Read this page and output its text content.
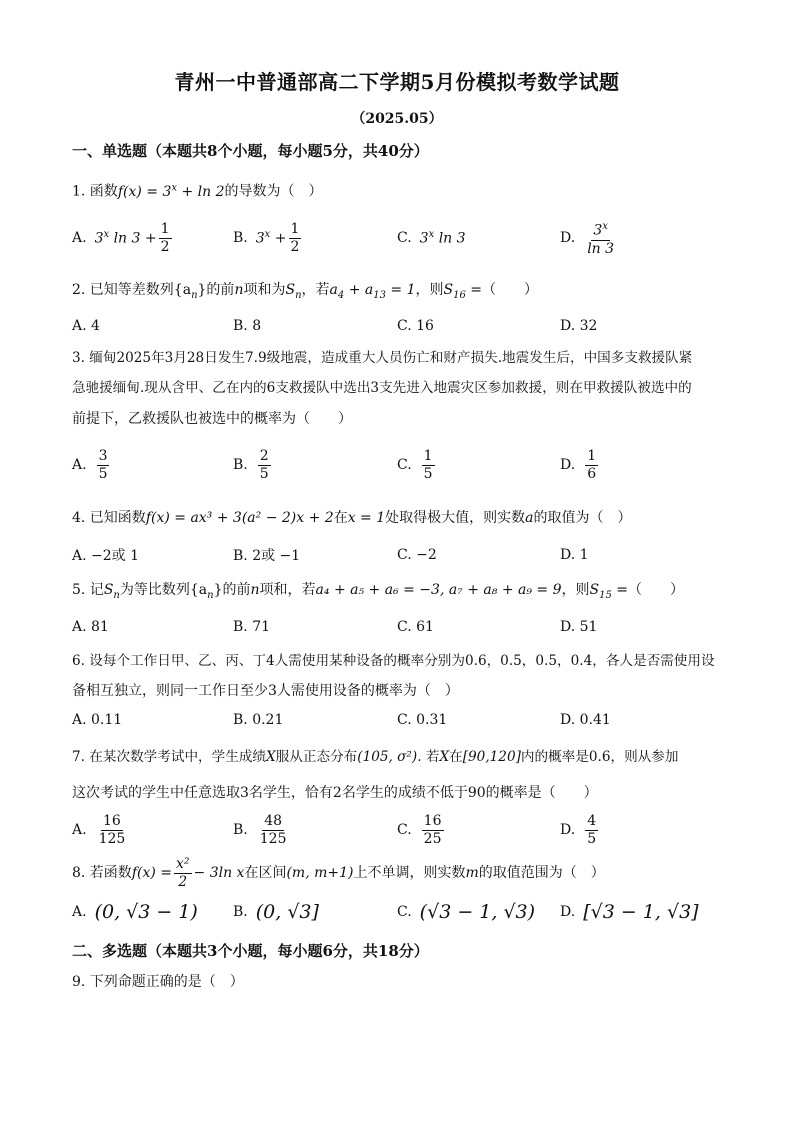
青州一中普通部高二下学期5月份模拟考数学试题
（2025.05）
一、单选题（本题共8个小题，每小题5分，共40分）
1. 函数$f(x) = 3^x + \ln 2$的导数为（　）
A. 3$^x$ $\ln 3 + \frac{1}{2}$	B. $3^x + \frac{1}{2}$	C. 3$^x$ ln 3	D. $\frac{3^x}{\ln 3}$
2. 已知等差数列$\{a_n\}$的前n项和为$S_n$，若$a_4 + a_{13} = 1$，则$S_{16}$ =（　　）
A. 4	B. 8	C. 16	D. 32
3. 缅甸2025年3月28日发生7.9级地震，造成重大人员伤亡和财产损失.地震发生后，中国多支救援队紧
急驰援缅甸.现从含甲、乙在内的6支救援队中选出3支先进入地震灾区参加救援，则在甲救援队被选中的
前提下，乙救援队也被选中的概率为（　　）
A. $\frac{3}{5}$	B. $\frac{2}{5}$	C. $\frac{1}{5}$	D. $\frac{1}{6}$
4. 已知函数f(x) = ax³ + 3(a² − 2)x + 2在x = 1处取得极大值，则实数a的取值为（　）
A. −2或 1	B. 2或 −1	C. −2	D. 1
5. 记$S_n$为等比数列$\{a_n\}$的前n项和，若a₄ + a₅ + a₆ = −3, a₇ + a₈ + a₉ = 9，则$S_{15}$ =（　　）
A. 81	B. 71	C. 61	D. 51
6. 设每个工作日甲、乙、丙、丁4人需使用某种设备的概率分别为0.6，0.5，0.5，0.4，各人是否需使用设
备相互独立，则同一工作日至少3人需使用设备的概率为（　）
A. 0.11	B. 0.21	C. 0.31	D. 0.41
7. 在某次数学考试中，学生成绩X服从正态分布(105, σ²). 若X在[90,120]内的概率是0.6，则从参加
这次考试的学生中任意选取3名学生，恰有2名学生的成绩不低于90的概率是（　　）
A. $\frac{16}{125}$	B. $\frac{48}{125}$	C. $\frac{16}{25}$	D. $\frac{4}{5}$
8. 若函数 $f(x) = \frac{\text{x²}}{2} - 3\ln$ x 在区间 (m, m+1) 上不单调，则实数 m 的取值范围为（　）
A. (0, √3 − 1)	B. (0, √3]	C. (√3 − 1, √3) D. [√3 − 1, √3]
二、多选题（本题共3个小题，每小题6分，共18分）
9. 下列命题正确的是（　）
